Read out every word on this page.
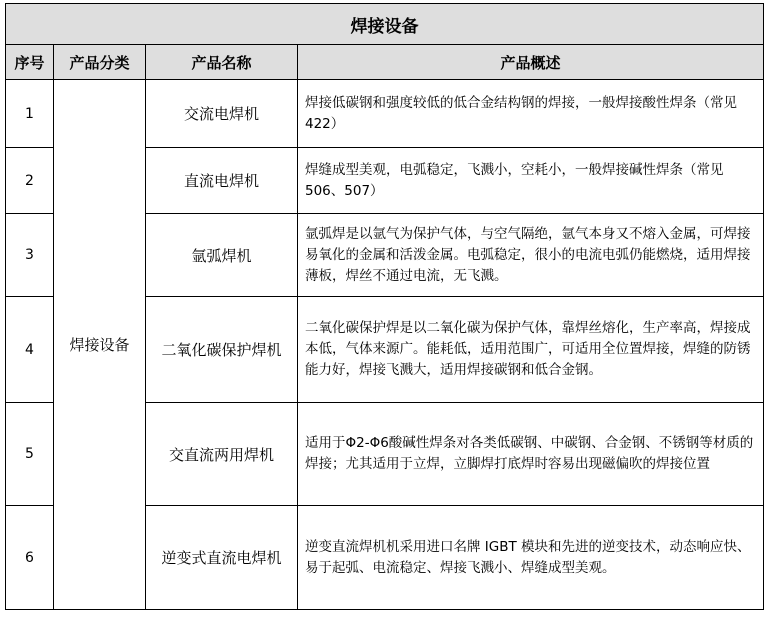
焊接设备			
序号	产品分类	产品名称	产品概述
1	焊接设备	交流电焊机	焊接低碳钢和强度较低的低合金结构钢的焊接，一般焊接酸性焊条（常见 422）
2		直流电焊机	焊缝成型美观，电弧稳定，飞溅小，空耗小，一般焊接碱性焊条（常见 506、507）
3		氩弧焊机	氩弧焊是以氩气为保护气体，与空气隔绝，氩气本身又不熔入金属，可焊接易氧化的金属和活泼金属。电弧稳定，很小的电流电弧仍能燃烧，适用焊接薄板，焊丝不通过电流，无飞溅。
4		二氧化碳保护焊机	二氧化碳保护焊是以二氧化碳为保护气体，靠焊丝熔化，生产率高，焊接成本低，气体来源广。能耗低，适用范围广，可适用全位置焊接，焊缝的防锈能力好，焊接飞溅大，适用焊接碳钢和低合金钢。
5		交直流两用焊机	适用于Φ2-Φ6酸碱性焊条对各类低碳钢、中碳钢、合金钢、不锈钢等材质的焊接；尤其适用于立焊，立脚焊打底焊时容易出现磁偏吹的焊接位置
6		逆变式直流电焊机	逆变直流焊机机采用进口名牌 IGBT 模块和先进的逆变技术，动态响应快、易于起弧、电流稳定、焊接飞溅小、焊缝成型美观。
